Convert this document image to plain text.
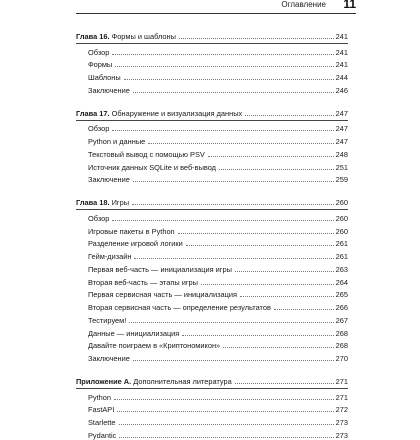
Оглавление 11
Глава 16. Формы и шаблоны	241
Обзор	241
Формы	241
Шаблоны	244
Заключение	246
Глава 17. Обнаружение и визуализация данных	247
Обзор	247
Python и данные	247
Текстовый вывод с помощью PSV	248
Источник данных SQLite и веб-вывод	251
Заключение	259
Глава 18. Игры	260
Обзор	260
Игровые пакеты в Python	260
Разделение игровой логики	261
Гейм-дизайн	261
Первая веб-часть — инициализация игры	263
Вторая веб-часть — этапы игры	264
Первая сервисная часть — инициализация	265
Вторая сервисная часть — определение результатов	266
Тестируем!	267
Данные — инициализация	268
Давайте поиграем в «Криптономикон»	268
Заключение	270
Приложение А. Дополнительная литература	271
Python	271
FastAPI	272
Starlette	273
Pydantic	273
